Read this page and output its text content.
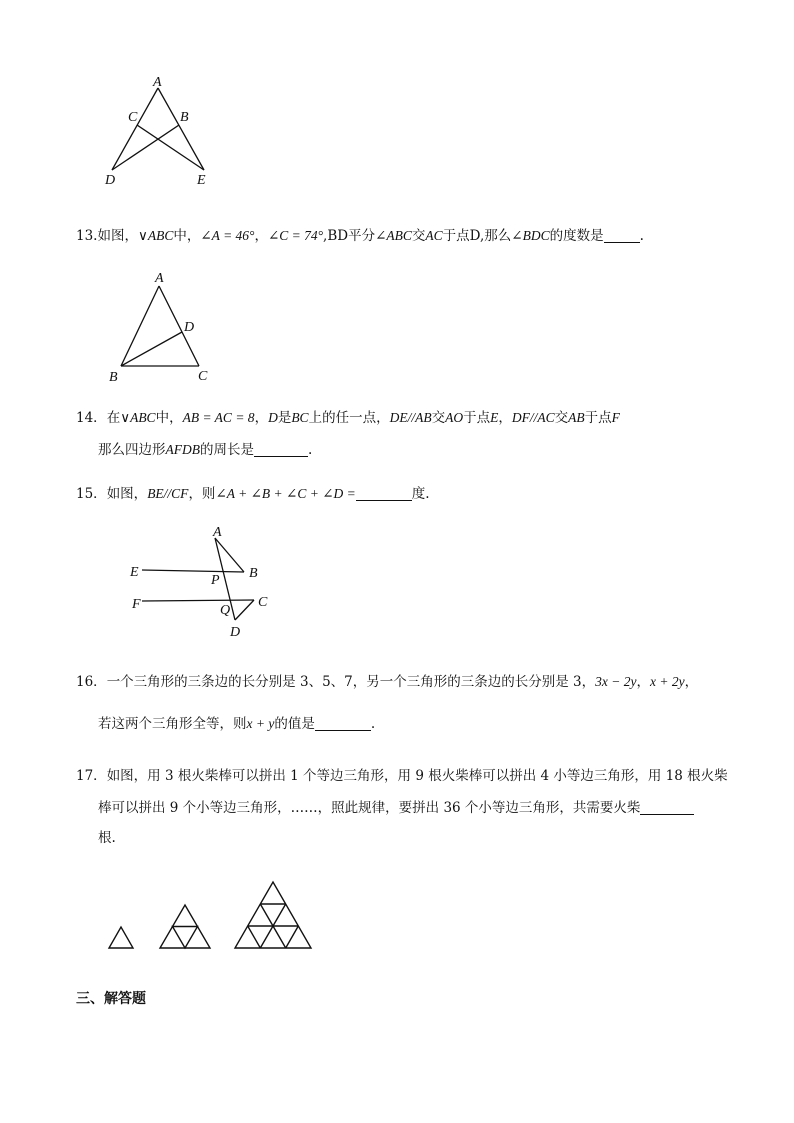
A
C	B
D	E
13.如图，∨ABC中，∠A = 46°，∠C = 74°,BD平分∠ABC交AC于点D,那么∠BDC的度数是	.
A
D
B	C
14．在∨ABC中，AB = AC = 8，D是BC上的任一点，DE//AB交AO于点E，DF//AC交AB于点F
那么四边形AFDB的周长是	.
15．如图，BE//CF，则∠A + ∠B + ∠C + ∠D =	度.
A
E	B
P
F	C
Q
D
16．一个三角形的三条边的长分别是 3、5、7，另一个三角形的三条边的长分别是 3，3x − 2y，x + 2y，
若这两个三角形全等，则x + y的值是	.
17．如图，用 3 根火柴棒可以拼出 1 个等边三角形，用 9 根火柴棒可以拼出 4 小等边三角形，用 18 根火柴
棒可以拼出 9 个小等边三角形，……，照此规律，要拼出 36 个小等边三角形，共需要火柴
根.
三、解答题
